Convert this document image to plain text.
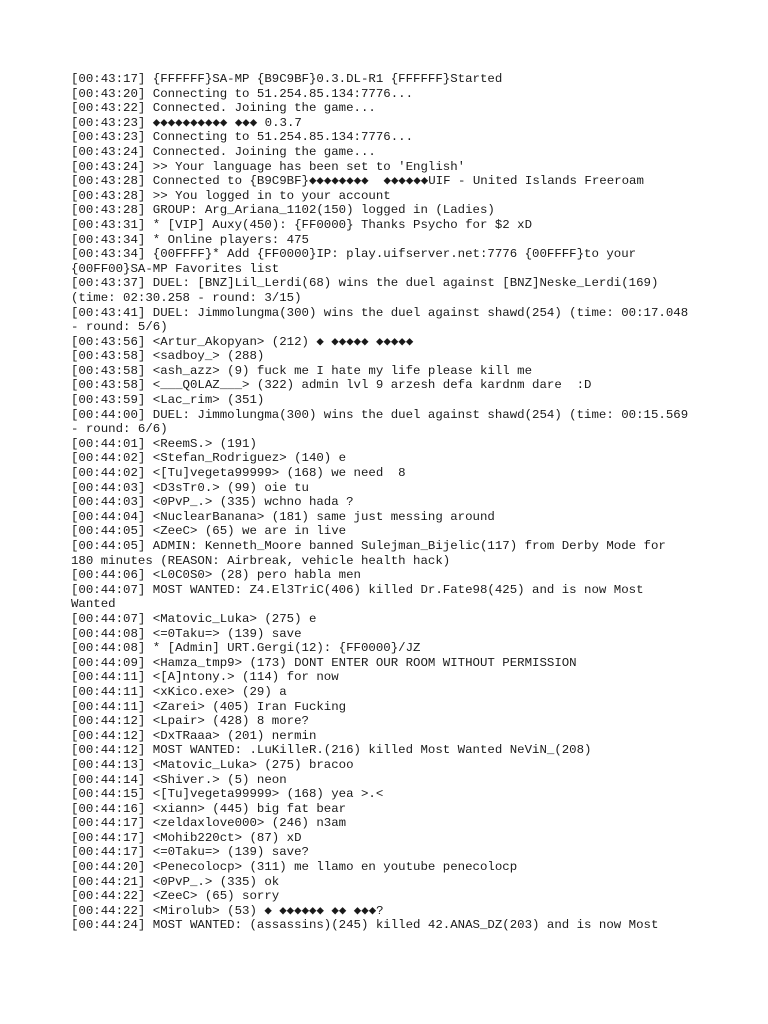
[00:43:17] {FFFFFF}SA-MP {B9C9BF}0.3.DL-R1 {FFFFFF}Started

[00:43:20] Connecting to 51.254.85.134:7776...

[00:43:22] Connected. Joining the game...

[00:43:23] ◆◆◆◆◆◆◆◆◆◆ ◆◆◆ 0.3.7

[00:43:23] Connecting to 51.254.85.134:7776...

[00:43:24] Connected. Joining the game...

[00:43:24] >> Your language has been set to 'English'

[00:43:28] Connected to {B9C9BF}◆◆◆◆◆◆◆◆  ◆◆◆◆◆◆UIF - United Islands Freeroam

[00:43:28] >> You logged in to your account

[00:43:28] GROUP: Arg_Ariana_1102(150) logged in (Ladies)

[00:43:31] * [VIP] Auxy(450): {FF0000} Thanks Psycho for $2 xD

[00:43:34] * Online players: 475

[00:43:34] {00FFFF}* Add {FF0000}IP: play.uifserver.net:7776 {00FFFF}to your {00FF00}SA-MP Favorites list

[00:43:37] DUEL: [BNZ]Lil_Lerdi(68) wins the duel against [BNZ]Neske_Lerdi(169) (time: 02:30.258 - round: 3/15)

[00:43:41] DUEL: Jimmolungma(300) wins the duel against shawd(254) (time: 00:17.048 - round: 5/6)

[00:43:56] <Artur_Akopyan> (212) ◆ ◆◆◆◆◆ ◆◆◆◆◆

[00:43:58] <sadboy_> (288)

[00:43:58] <ash_azz> (9) fuck me I hate my life please kill me

[00:43:58] <___Q0LAZ___> (322) admin lvl 9 arzesh defa kardnm dare  :D

[00:43:59] <Lac_rim> (351)

[00:44:00] DUEL: Jimmolungma(300) wins the duel against shawd(254) (time: 00:15.569 - round: 6/6)

[00:44:01] <ReemS.> (191)

[00:44:02] <Stefan_Rodriguez> (140) e

[00:44:02] <[Tu]vegeta99999> (168) we need  8

[00:44:03] <D3sTr0.> (99) oie tu

[00:44:03] <0PvP_.> (335) wchno hada ?

[00:44:04] <NuclearBanana> (181) same just messing around

[00:44:05] <ZeeC> (65) we are in live

[00:44:05] ADMIN: Kenneth_Moore banned Sulejman_Bijelic(117) from Derby Mode for 180 minutes (REASON: Airbreak, vehicle health hack)

[00:44:06] <L0C0S0> (28) pero habla men

[00:44:07] MOST WANTED: Z4.El3TriC(406) killed Dr.Fate98(425) and is now Most Wanted

[00:44:07] <Matovic_Luka> (275) e

[00:44:08] <=0Taku=> (139) save

[00:44:08] * [Admin] URT.Gergi(12): {FF0000}/JZ

[00:44:09] <Hamza_tmp9> (173) DONT ENTER OUR ROOM WITHOUT PERMISSION

[00:44:11] <[A]ntony.> (114) for now

[00:44:11] <xKico.exe> (29) a

[00:44:11] <Zarei> (405) Iran Fucking

[00:44:12] <Lpair> (428) 8 more?

[00:44:12] <DxTRaaa> (201) nermin

[00:44:12] MOST WANTED: .LuKilleR.(216) killed Most Wanted NeViN_(208)

[00:44:13] <Matovic_Luka> (275) bracoo

[00:44:14] <Shiver.> (5) neon

[00:44:15] <[Tu]vegeta99999> (168) yea >.<

[00:44:16] <xiann> (445) big fat bear

[00:44:17] <zeldaxlove000> (246) n3am

[00:44:17] <Mohib220ct> (87) xD

[00:44:17] <=0Taku=> (139) save?

[00:44:20] <Penecolocp> (311) me llamo en youtube penecolocp

[00:44:21] <0PvP_.> (335) ok

[00:44:22] <ZeeC> (65) sorry

[00:44:22] <Mirolub> (53) ◆ ◆◆◆◆◆◆ ◆◆ ◆◆◆?

[00:44:24] MOST WANTED: (assassins)(245) killed 42.ANAS_DZ(203) and is now Most
